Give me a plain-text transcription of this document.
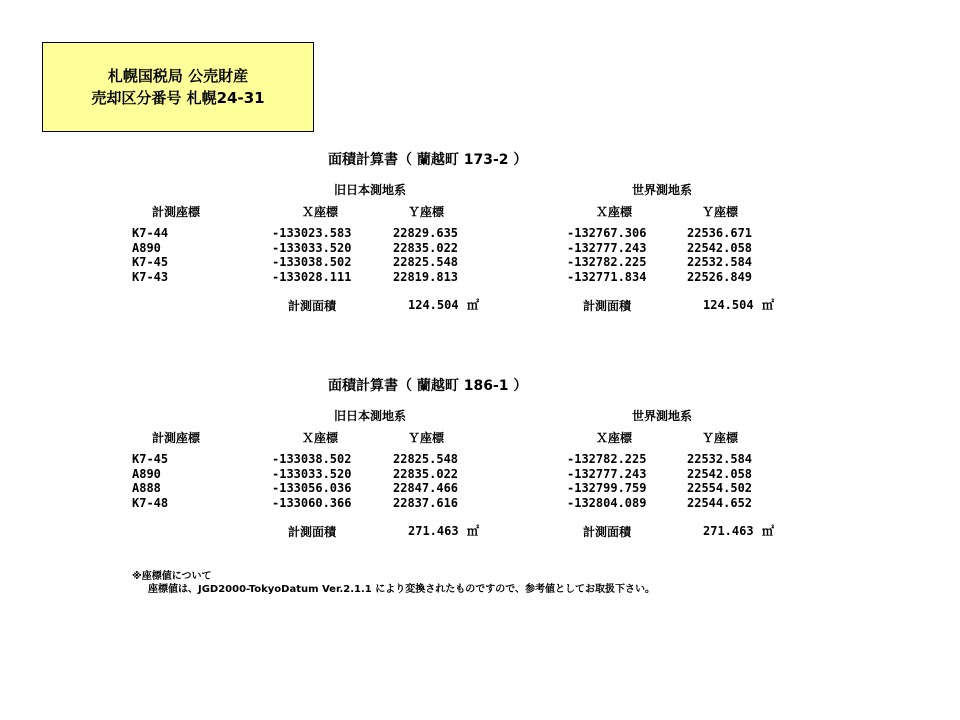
札幌国税局 公売財産
売却区分番号 札幌24-31
面積計算書（ 蘭越町 173-2 ）
旧日本測地系	世界測地系
計測座標	Ｘ座標	Ｙ座標	Ｘ座標	Ｙ座標
K7-44	-133023.583	22829.635	-132767.306	22536.671
A890	-133033.520	22835.022	-132777.243	22542.058
K7-45	-133038.502	22825.548	-132782.225	22532.584
K7-43	-133028.111	22819.813	-132771.834	22526.849
計測面積	124.504 ㎡	計測面積	124.504 ㎡
面積計算書（ 蘭越町 186-1 ）
旧日本測地系	世界測地系
計測座標	Ｘ座標	Ｙ座標	Ｘ座標	Ｙ座標
K7-45	-133038.502	22825.548	-132782.225	22532.584
A890	-133033.520	22835.022	-132777.243	22542.058
A888	-133056.036	22847.466	-132799.759	22554.502
K7-48	-133060.366	22837.616	-132804.089	22544.652
計測面積	271.463 ㎡	計測面積	271.463 ㎡
※座標値について
座標値は、JGD2000-TokyoDatum Ver.2.1.1 により変換されたものですので、参考値としてお取扱下さい。
